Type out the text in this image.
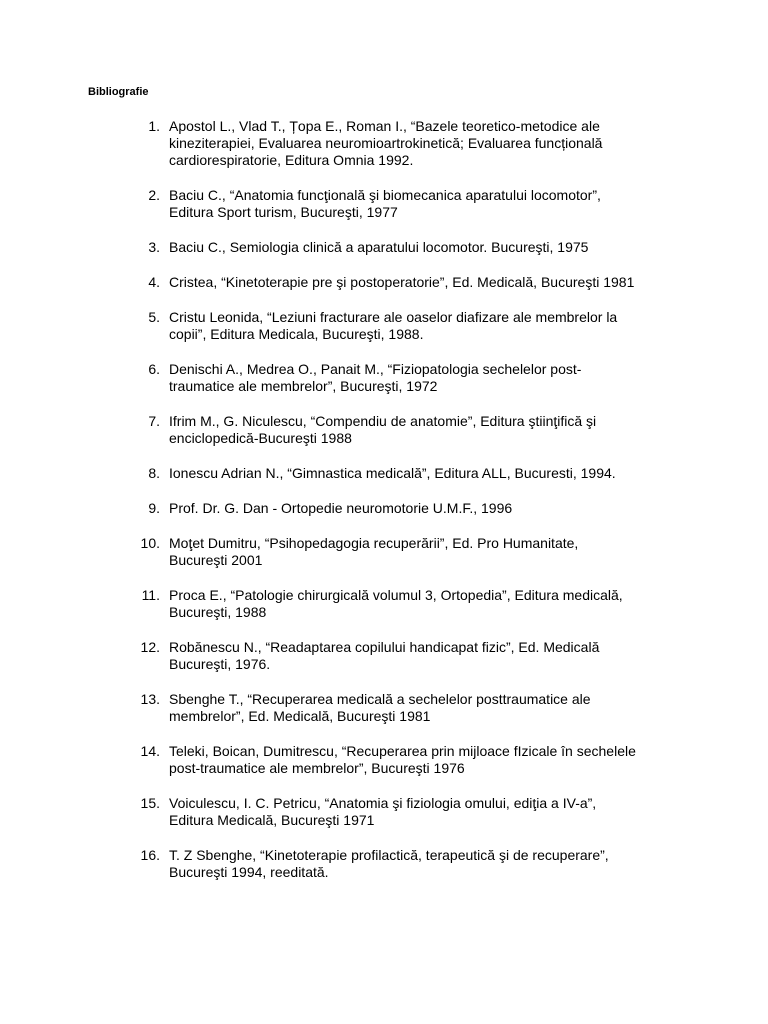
Bibliografie
1. Apostol L., Vlad T., Țopa E., Roman I., “Bazele teoretico-metodice ale
kineziterapiei, Evaluarea neuromioartrokinetică; Evaluarea funcțională
cardiorespiratorie, Editura Omnia 1992.
2. Baciu C., “Anatomia funcţională şi biomecanica aparatului locomotor”,
Editura Sport turism, Bucureşti, 1977
3. Baciu C., Semiologia clinică a aparatului locomotor. Bucureşti, 1975
4. Cristea, “Kinetoterapie pre şi postoperatorie”, Ed. Medicală, Bucureşti 1981
5. Cristu Leonida, “Leziuni fracturare ale oaselor diafizare ale membrelor la
copii”, Editura Medicala, Bucureşti, 1988.
6. Denischi A., Medrea O., Panait M., “Fiziopatologia sechelelor post-
traumatice ale membrelor”, Bucureşti, 1972
7. Ifrim M., G. Niculescu, “Compendiu de anatomie”, Editura ştiinţifică şi
enciclopedică-Bucureşti 1988
8. Ionescu Adrian N., “Gimnastica medicală”, Editura ALL, Bucuresti, 1994.
9. Prof. Dr. G. Dan - Ortopedie neuromotorie U.M.F., 1996
10. Moţet Dumitru, “Psihopedagogia recuperării”, Ed. Pro Humanitate,
Bucureşti 2001
11. Proca E., “Patologie chirurgicală volumul 3, Ortopedia”, Editura medicală,
Bucureşti, 1988
12. Robănescu N., “Readaptarea copilului handicapat fizic”, Ed. Medicală
Bucureşti, 1976.
13. Sbenghe T., “Recuperarea medicală a sechelelor posttraumatice ale
membrelor”, Ed. Medicală, Bucureşti 1981
14. Teleki, Boican, Dumitrescu, “Recuperarea prin mijloace fIzicale în sechelele
post-traumatice ale membrelor”, Bucureşti 1976
15. Voiculescu, I. C. Petricu, “Anatomia şi fiziologia omului, ediţia a IV-a”,
Editura Medicală, Bucureşti 1971
16. T. Z Sbenghe, “Kinetoterapie profilactică, terapeutică şi de recuperare”,
Bucureşti 1994, reeditată.
